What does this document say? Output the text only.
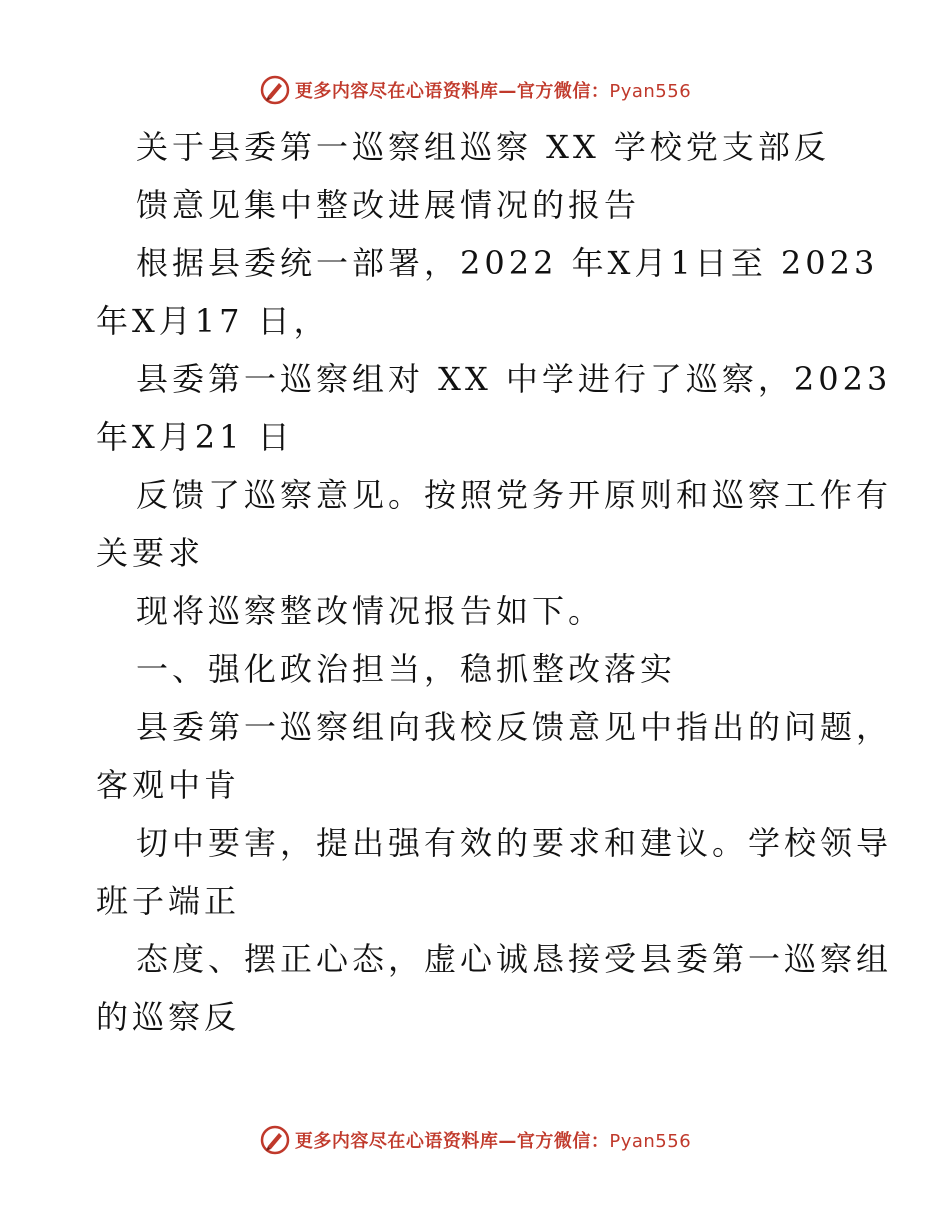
更多内容尽在心语资料库—官方微信：Pyan556
关于县委第一巡察组巡察 XX 学校党支部反
馈意见集中整改进展情况的报告
根据县委统一部署，2022 年X月1日至 2023
年X月17 日，
县委第一巡察组对 XX 中学进行了巡察，2023
年X月21 日
反馈了巡察意见。按照党务开原则和巡察工作有
关要求
现将巡察整改情况报告如下。
一、强化政治担当，稳抓整改落实
县委第一巡察组向我校反馈意见中指出的问题，
客观中肯
切中要害，提出强有效的要求和建议。学校领导
班子端正
态度、摆正心态，虚心诚恳接受县委第一巡察组
的巡察反
更多内容尽在心语资料库—官方微信：Pyan556
